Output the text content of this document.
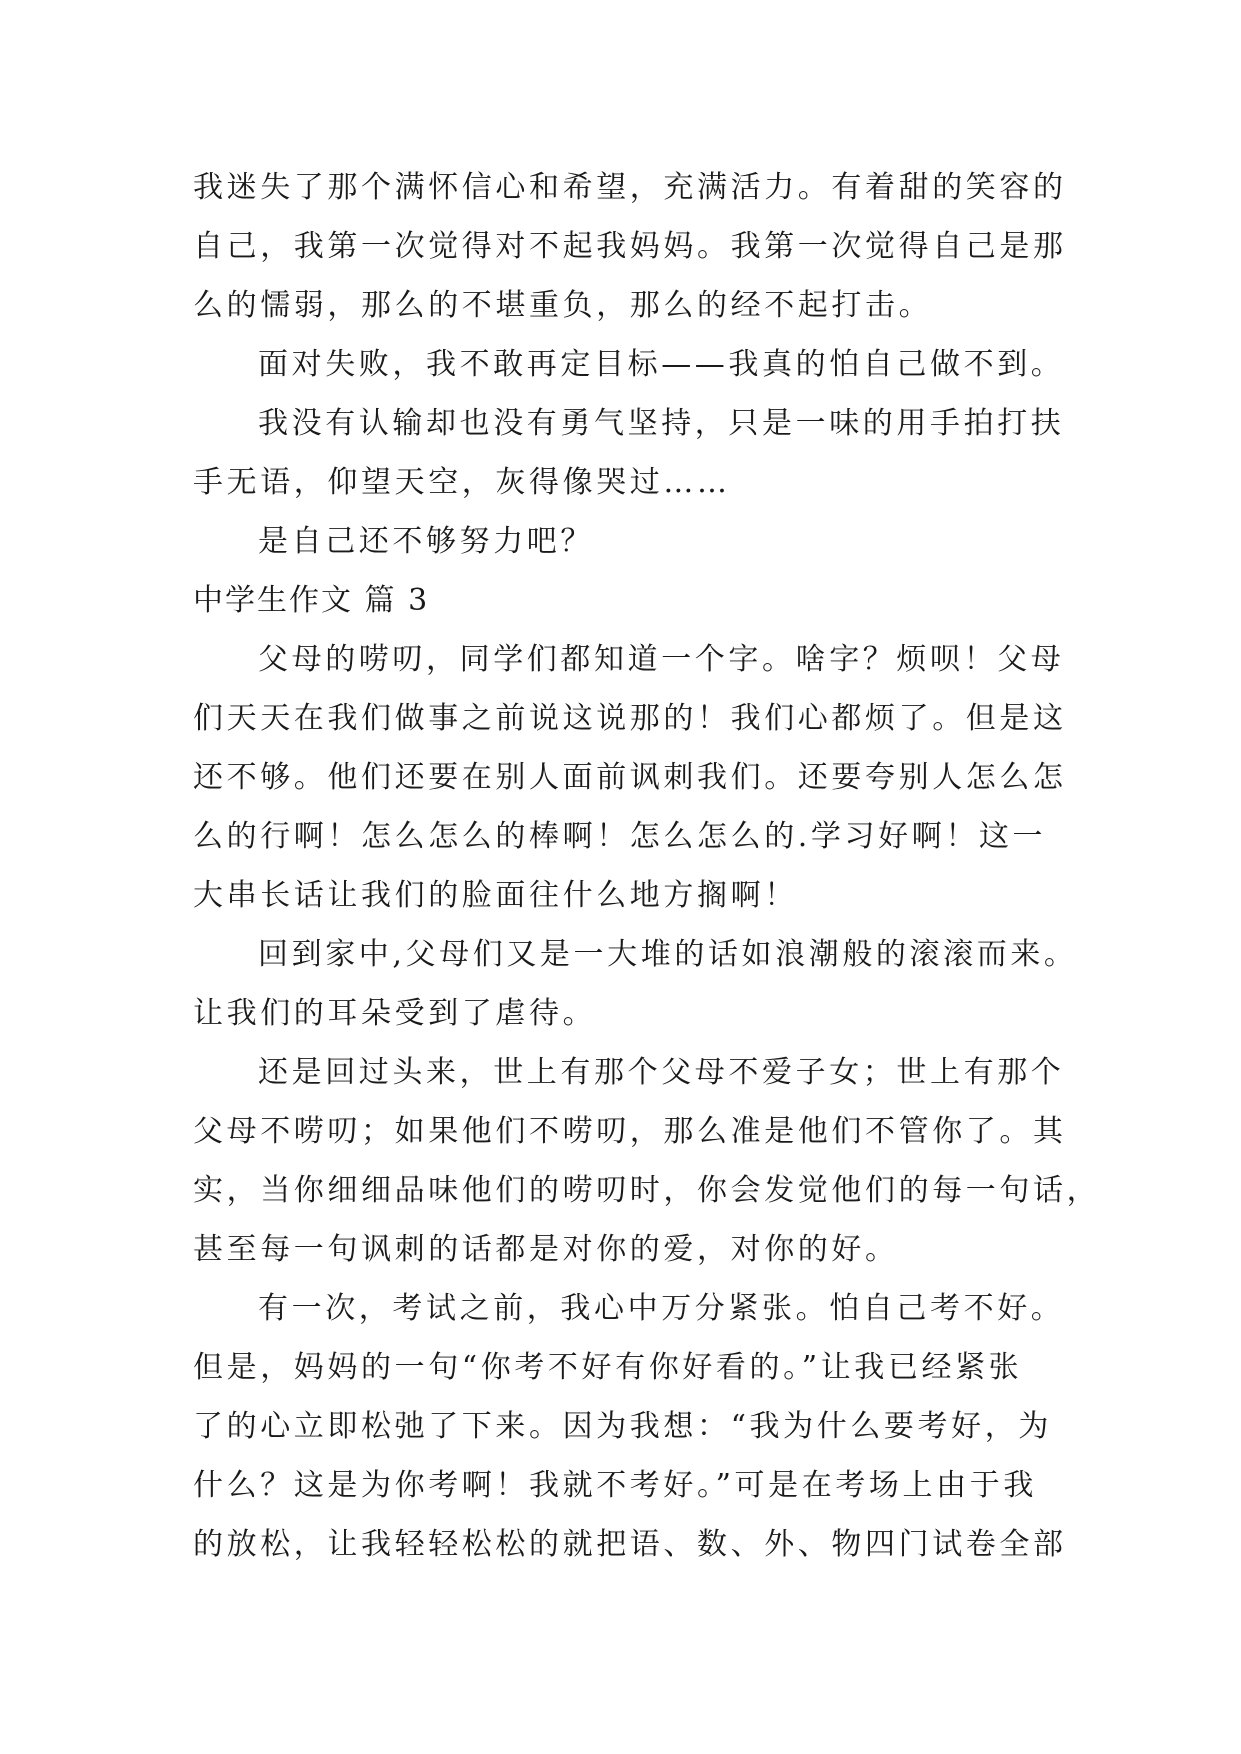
我迷失了那个满怀信心和希望，充满活力。有着甜的笑容的
自己，我第一次觉得对不起我妈妈。我第一次觉得自己是那
么的懦弱，那么的不堪重负，那么的经不起打击。
面对失败，我不敢再定目标——我真的怕自己做不到。
我没有认输却也没有勇气坚持，只是一味的用手拍打扶
手无语，仰望天空，灰得像哭过……
是自己还不够努力吧？
中学生作文 篇 3
父母的唠叨，同学们都知道一个字。啥字？烦呗！父母
们天天在我们做事之前说这说那的！我们心都烦了。但是这
还不够。他们还要在别人面前讽刺我们。还要夸别人怎么怎
么的行啊！怎么怎么的棒啊！怎么怎么的.学习好啊！这一
大串长话让我们的脸面往什么地方搁啊！
回到家中,父母们又是一大堆的话如浪潮般的滚滚而来。
让我们的耳朵受到了虐待。
还是回过头来，世上有那个父母不爱子女；世上有那个
父母不唠叨；如果他们不唠叨，那么准是他们不管你了。其
实，当你细细品味他们的唠叨时，你会发觉他们的每一句话，
甚至每一句讽刺的话都是对你的爱，对你的好。
有一次，考试之前，我心中万分紧张。怕自己考不好。
但是，妈妈的一句“你考不好有你好看的。”让我已经紧张
了的心立即松弛了下来。因为我想：“我为什么要考好，为
什么？这是为你考啊！我就不考好。”可是在考场上由于我
的放松，让我轻轻松松的就把语、数、外、物四门试卷全部
